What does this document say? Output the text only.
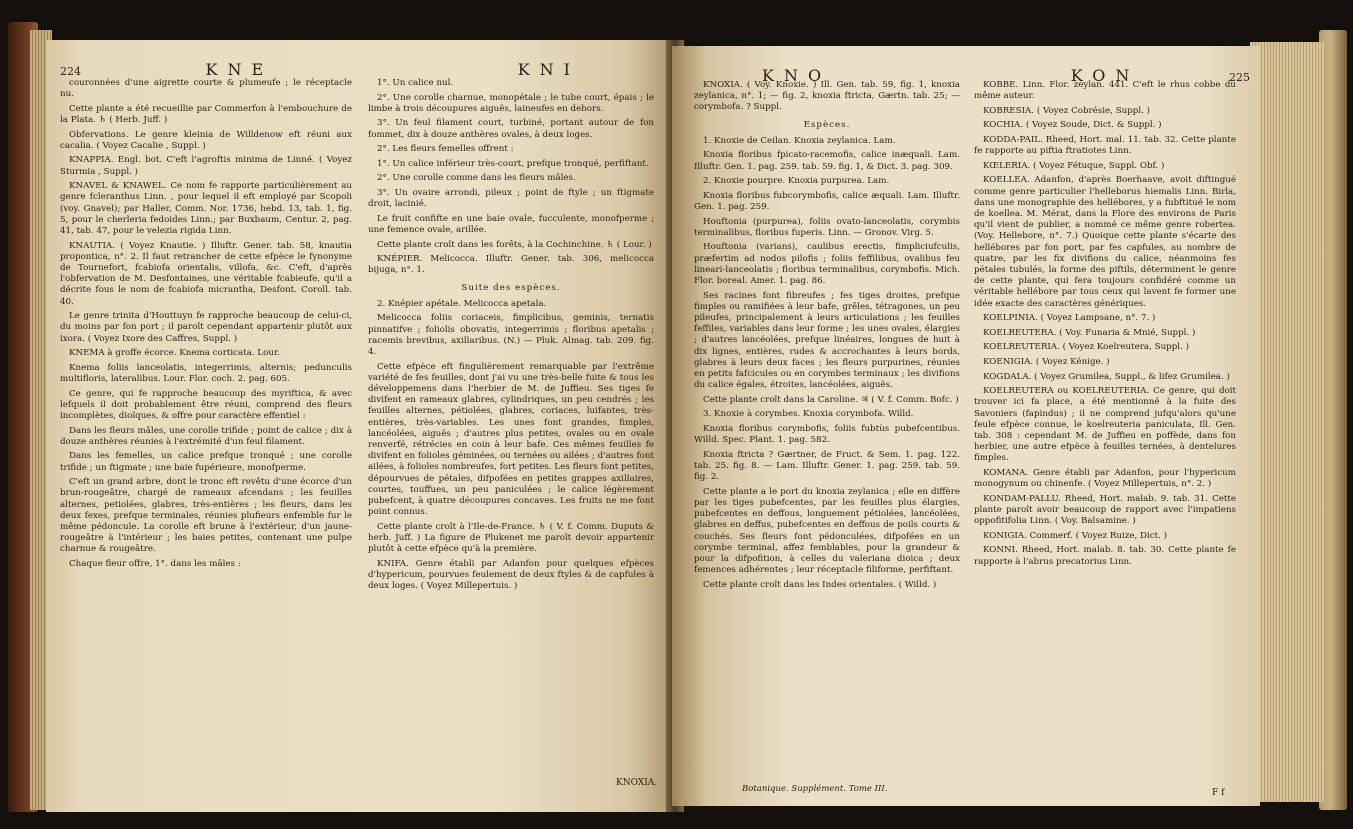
224	KNE	KNI

couronnées d'une aigrette courte & plumeufe ; le réceptacle nu.

Cette plante a été recueillie par Commerfon à l'embouchure de la Plata. ♄ ( Herb. Juff. )

Obfervations. Le genre kleinia de Willdenow eft réuni aux cacalia. ( Voyez Cacalie , Suppl. )

KNAPPIA. Engl. bot. C'eft l'agroftis minima de Linné. ( Voyez Sturmia , Suppl. )

KNAVEL & KNAWEL. Ce nom fe rapporte particulièrement au genre fcleranthus Linn. , pour lequel il eft employé par Scopoli (voy. Gnavel); par Haller, Comm. Nor. 1736, hebd. 13, tab. 1, fig. 5, pour le cherleria fedoides Linn.; par Buxbaum, Centur. 2, pag. 41, tab. 47, pour le velezia rigida Linn.

KNAUTIA. ( Voyez Knautie. ) Illuftr. Gener. tab. 58, knautia propontica, n°. 2. Il faut retrancher de cette efpèce le fynonyme de Tournefort, fcabiofa orientalis, villofa, &c. C'eft, d'après l'obfervation de M. Desfontaines, une véritable fcabieufe, qu'il a décrite fous le nom de fcabiofa micrantha, Desfont. Coroll. tab. 40.

Le genre trinita d'Houttuyn fe rapproche beaucoup de celui-ci, du moins par fon port ; il paroît cependant appartenir plutôt aux ixora. ( Voyez Ixore des Caffres, Suppl. )

KNEMA à groffe écorce. Knema corticata. Lour.

Knema foliis lanceolatis, integerrimis, alternis; pedunculis multifloris, lateralibus. Lour. Flor. coch. 2. pag. 605.

Ce genre, qui fe rapproche beaucoup des myriftica, & avec lefquels il doit probablement être réuni, comprend des fleurs incomplètes, dioïques, & offre pour caractère effentiel :

Dans les fleurs mâles, une corolle trifide ; point de calice ; dix à douze anthères réunies à l'extrémité d'un feul filament.

Dans les femelles, un calice prefque tronqué ; une corolle trifide ; un ftigmate ; une baie fupérieure, monofperme.

C'eft un grand arbre, dont le tronc eft revêtu d'une écorce d'un brun-rougeâtre, chargé de rameaux afcendans ; les feuilles alternes, petiolées, glabres, très-entières ; les fleurs, dans les deux fexes, prefque terminales, réunies plufieurs enfemble fur le même pédoncule. La corolle eft brune à l'extérieur, d'un jaune-rougeâtre à l'intérieur ; les baies petites, contenant une pulpe charnue & rougeâtre.

Chaque fleur offre, 1°. dans les mâles :

1°. Un calice nul.

2°. Une corolle charnue, monopétale ; le tube court, épais ; le limbe à trois découpures aiguës, laineufes en dehors.

3°. Un feul filament court, turbiné, portant autour de fon fommet, dix à douze anthères ovales, à deux loges.

2°. Les fleurs femelles offrent :

1°. Un calice inférieur très-court, prefque tronqué, perfiftant.

2°. Une corolle comme dans les fleurs mâles.

3°. Un ovaire arrondi, pileux ; point de ftyle ; un ftigmate droit, lacinié.

Le fruit confifte en une baie ovale, fucculente, monofperme ; une femence ovale, arillée.

Cette plante croît dans les forêts, à la Cochinchine. ♄ ( Lour. )

KNÉPIER. Melicocca. Illuftr. Gener. tab. 306, melicocca bijuga, n°. 1.

Suite des espèces.

2. Knépier apétale. Melicocca apetala.

Melicocca foliis coriaceis, fimplicibus, geminis, ternatis pinnatifve ; foliolis obovatis, integerrimis ; floribus apetalis ; racemis brevibus, axillaribus. (N.) — Pluk. Almag. tab. 209. fig. 4.

Cette efpèce eft fingulièrement remarquable par l'extrême variété de fes feuilles, dont j'ai vu une très-belle fuite & tous les développemens dans l'herbier de M. de Juffieu. Ses tiges fe divifent en rameaux glabres, cylindriques, un peu cendrés ; les feuilles alternes, pétiolées, glabres, coriaces, luifantes, très-entières, très-variables. Les unes font grandes, fimples, lancéolées, aiguës ; d'autres plus petites, ovales ou en ovale renverfé, rétrécies en coin à leur bafe. Ces mêmes feuilles fe divifent en folioles géminées, ou ternées ou ailées ; d'autres font ailées, à folioles nombreufes, fort petites. Les fleurs font petites, dépourvues de pétales, difpofées en petites grappes axillaires, courtes, touffues, un peu paniculées ; le calice légèrement pubefcent, à quatre découpures concaves. Les fruits ne me font point connus.

Cette plante croît à l'Ile-de-France. ♄ ( V. f. Comm. Duputs & herb. Juff. ) La figure de Plukenet me paroît devoir appartenir plutôt à cette efpèce qu'à la première.

KNIFA. Genre établi par Adanfon pour quelques efpèces d'hypericum, pourvues feulement de deux ftyles & de capfules à deux loges. ( Voyez Millepertuis. )

KNOXIA.
KNO	KON	225

KNOXIA. ( Voy. Knoxie. ) Ill. Gen. tab. 59, fig. 1, knoxia zeylanica, n°. 1; — fig. 2, knoxia ftricta, Gærtn. tab. 25; — corymbofa. ? Suppl.

Espèces.

1. Knoxie de Ceilan. Knoxia zeylanica. Lam.

Knoxia floribus fpicato-racemofis, calice inæquali. Lam. Illuftr. Gen. 1. pag. 259. tab. 59. fig. 1, & Dict. 3. pag. 309.

2. Knoxie pourpre. Knoxia purpurea. Lam.

Knoxia floribus fubcorymbofis, calice æquali. Lam. Illuftr. Gen. 1. pag. 259.

Houftonia (purpurea), foliis ovato-lanceolatis, corymbis terminalibus, floribus fuperis. Linn. — Gronov. Virg. 5.

Houftonia (varians), caulibus erectis, fimpliciufculis, præfertim ad nodos pilofis ; foliis feffilibus, ovalibus feu lineari-lanceolatis ; floribus terminalibus, corymbofis. Mich. Flor. boreal. Amer. 1. pag. 86.

Ses racines font fibreufes ; fes tiges droites, prefque fimples ou ramifiées à leur bafe, grêles, tétragones, un peu pileufes, principalement à leurs articulations ; les feuilles feffiles, variables dans leur forme ; les unes ovales, élargies ; d'autres lancéolées, prefque linéaires, longues de huit à dix lignes, entières, rudes & accrochantes à leurs bords, glabres à leurs deux faces ; les fleurs purpurines, réunies en petits fafcicules ou en corymbes terminaux ; les divifions du calice égales, étroites, lancéolées, aiguës.

Cette plante croît dans la Caroline. ♃ ( V. f. Comm. Bofc. )

3. Knoxie à corymbes. Knoxia corymbofa. Willd.

Knoxia floribus corymbofis, foliis fubtùs pubefcentibus. Willd. Spec. Plant. 1. pag. 582.

Knoxia ftricta ? Gærtner, de Fruct. & Sem. 1. pag. 122. tab. 25. fig. 8. — Lam. Illuftr. Gener. 1. pag. 259. tab. 59. fig. 2.

Cette plante a le port du knoxia zeylanica ; elle en diffère par les tiges pubefcentes, par les feuilles plus élargies, pubefcentes en deffous, longuement pétiolées, lancéolées, glabres en deffus, pubefcentes en deffous de poils courts & couchés. Ses fleurs font pédonculées, difpofées en un corymbe terminal, affez femblables, pour la grandeur & pour la difpofition, à celles du valeriana dioica ; deux femences adhérentes ; leur réceptacle filiforme, perfiftant.

Cette plante croît dans les Indes orientales. ( Willd. )

KOBBE. Linn. Flor. zeylan. 441. C'eft le rhus cobbe du même auteur.

KOBRESIA. ( Voyez Cobrésie, Suppl. )

KOCHIA. ( Voyez Soude, Dict. & Suppl. )

KODDA-PAIL. Rheed, Hort. mal. 11. tab. 32. Cette plante fe rapporte au piftia ftratiotes Linn.

KŒLERIA. ( Voyez Fétuque, Suppl. Obf. )

KOELLEA. Adanfon, d'après Boerhaave, avoit diftingué comme genre particulier l'helleborus hiemalis Linn. Birla, dans une monographie des hellébores, y a fubftitué le nom de koellea. M. Mérat, dans la Flore des environs de Paris qu'il vient de publier, a nommé ce même genre robertea. (Voy. Hellebore, n°. 7.) Quoique cette plante s'écarte des hellébores par fon port, par fes capfules, au nombre de quatre, par les fix divifions du calice, néanmoins fes pétales tubulés, la forme des piftils, déterminent le genre de cette plante, qui fera toujours confidéré comme un véritable hellébore par tous ceux qui lavent fe former une idée exacte des caractères génériques.

KOELPINIA. ( Voyez Lampsane, n°. 7. )

KOELREUTERA. ( Voy. Funaria & Mnié, Suppl. )

KOELREUTERIA. ( Voyez Koelreutera, Suppl. )

KOENIGIA. ( Voyez Kénige. )

KOGDALA. ( Voyez Grumilea, Suppl., & lifez Grumilea. )

KOELREUTERA ou KOELREUTERIA. Ce genre, qui doit trouver ici fa place, a été mentionné à la fuite des Savoniers (fapindus) ; il ne comprend jufqu'alors qu'une feule efpèce connue, le koelreuteria paniculata, Ill. Gen. tab. 308 : cependant M. de Juffieu en poffède, dans fon herbier, une autre efpèce à feuilles ternées, à dentelures fimples.

KOMANA. Genre établi par Adanfon, pour l'hypericum monogynum ou chinenfe. ( Voyez Millepertuis, n°. 2. )

KONDAM-PALLU. Rheed, Hort. malab. 9. tab. 31. Cette plante paroît avoir beaucoup de rapport avec l'impatiens oppofitifolia Linn. ( Voy. Balsamine. )

KONIGIA. Commerf. ( Voyez Ruize, Dict. )

KONNI. Rheed, Hort. malab. 8. tab. 30. Cette plante fe rapporte à l'abrus precatorius Linn.

Botanique. Supplément. Tome III.	F f
